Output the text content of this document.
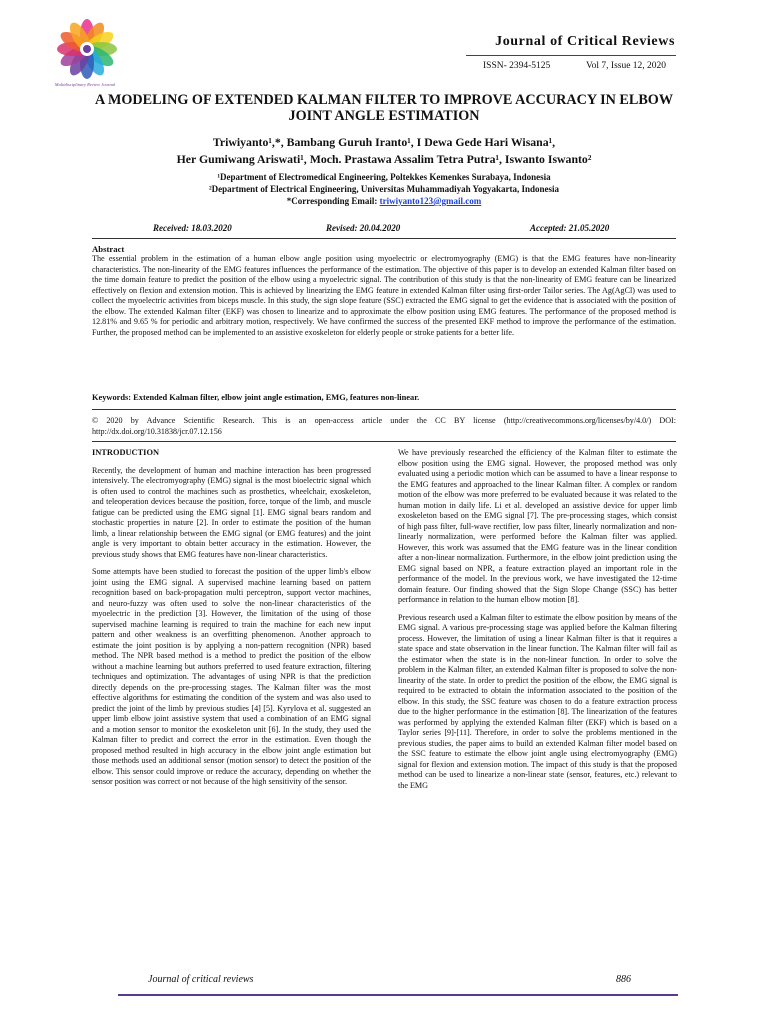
Multidisciplinary Review Journal
Journal of Critical Reviews
ISSN- 2394-5125	Vol 7, Issue 12, 2020
A MODELING OF EXTENDED KALMAN FILTER TO IMPROVE ACCURACY IN ELBOW JOINT ANGLE ESTIMATION
Triwiyanto¹,*, Bambang Guruh Iranto¹, I Dewa Gede Hari Wisana¹,
Her Gumiwang Ariswati¹, Moch. Prastawa Assalim Tetra Putra¹, Iswanto Iswanto²

¹Department of Electromedical Engineering, Poltekkes Kemenkes Surabaya, Indonesia

²Department of Electrical Engineering, Universitas Muhammadiyah Yogyakarta, Indonesia

*Corresponding Email: triwiyanto123@gmail.com

Received: 18.03.2020	Revised: 20.04.2020	Accepted: 21.05.2020

Abstract

The essential problem in the estimation of a human elbow angle position using myoelectric or electromyography (EMG) is that the EMG features have non-linearity characteristics. The non-linearity of the EMG features influences the performance of the estimation. The objective of this paper is to develop an extended Kalman filter based on the time domain feature to predict the position of the elbow using a myoelectric signal. The contribution of this study is that the non-linearity of EMG feature can be linearized effectively on flexion and extension motion. This is achieved by linearizing the EMG feature in extended Kalman filter using first-order Tailor series. The Ag(AgCl) was used to collect the myoelectric activities from biceps muscle. In this study, the sign slope feature (SSC) extracted the EMG signal to get the evidence that is associated with the position of the elbow. The extended Kalman filter (EKF) was chosen to linearize and to approximate the elbow position using EMG features. The performance of the proposed method is 12.81% and 9.65 % for periodic and arbitrary motion, respectively. We have confirmed the success of the presented EKF method to improve the performance of the estimation. Further, the proposed method can be implemented to an assistive exoskeleton for elderly people or stroke patients for a better life.

Keywords: Extended Kalman filter, elbow joint angle estimation, EMG, features non-linear.

© 2020 by Advance Scientific Research. This is an open-access article under the CC BY license (http://creativecommons.org/licenses/by/4.0/) DOI: http://dx.doi.org/10.31838/jcr.07.12.156

INTRODUCTION

Recently, the development of human and machine interaction has been progressed intensively. The electromyography (EMG) signal is the most bioelectric signal which is often used to control the machines such as prosthetics, wheelchair, exoskeleton, and teleoperation devices because the position, force, torque of the limb, and muscle fatigue can be predicted using the EMG signal [1]. EMG signal bears random and stochastic properties in nature [2]. In order to estimate the position of the human limb, a linear relationship between the EMG signal (or EMG features) and the joint angle is very important to obtain better accuracy in the estimation. However, the previous study shows that EMG features have non-linear characteristics.

Some attempts have been studied to forecast the position of the upper limb's elbow joint using the EMG signal. A supervised machine learning based on pattern recognition based on back-propagation multi perceptron, support vector machines, and neuro-fuzzy was often used to solve the non-linear characteristics of the myoelectric in the prediction [3]. However, the limitation of the using of those supervised machine learning is required to train the machine for each new input pattern and other weakness is an overfitting phenomenon. Another approach to estimate the joint position is by applying a non-pattern recognition (NPR) based method. The NPR based method is a method to predict the position of the elbow without a machine learning but authors preferred to used feature extraction, filtering techniques and optimization. The advantages of using NPR is that the prediction directly depends on the pre-processing stages. The Kalman filter was the most effective algorithms for estimating the condition of the system and was also used to predict the joint of the limb by previous studies [4] [5]. Kyrylova et al. suggested an upper limb elbow joint assistive system that used a combination of an EMG signal and a motion sensor to monitor the exoskeleton unit [6]. In the study, they used the Kalman filter to predict and correct the error in the estimation. Even though the proposed method resulted in high accuracy in the elbow joint angle estimation but those methods used an additional sensor (motion sensor) to detect the position of the elbow. This sensor could improve or reduce the accuracy, depending on whether the sensor position was correct or not because of the high sensitivity of the sensor.

We have previously researched the efficiency of the Kalman filter to estimate the elbow position using the EMG signal. However, the proposed method was only evaluated using a periodic motion which can be assumed to have a linear response to the EMG features and approached to the linear Kalman filter. A complex or random motion of the elbow was more preferred to be evaluated because it was related to the human motion in daily life. Li et al. developed an assistive device for upper limb exoskeleton based on the EMG signal [7]. The pre-processing stages, which consist of high pass filter, full-wave rectifier, low pass filter, linearly normalization and non-linearly normalization, were performed before the Kalman filter was applied. However, this work was assumed that the EMG feature was in the linear condition after a non-linear normalization. Furthermore, in the elbow joint prediction using the EMG signal based on NPR, a feature extraction played an important role in the performance of the model. In the previous work, we have investigated the 12-time domain feature. Our finding showed that the Sign Slope Change (SSC) has better performance in relation to the human elbow motion [8].

Previous research used a Kalman filter to estimate the elbow position by means of the EMG signal. A various pre-processing stage was applied before the Kalman filtering process. However, the limitation of using a linear Kalman filter is that it requires a state space and state observation in the linear function. The Kalman filter will fail as the estimator when the state is in the non-linear function. In order to solve the problem in the Kalman filter, an extended Kalman filter is proposed to solve the non-linearity of the state. In order to predict the position of the elbow, the EMG signal is required to be extracted to obtain the information associated to the position of the elbow. In this study, the SSC feature was chosen to do a feature extraction process due to the higher performance in the estimation [8]. The linearization of the features was performed by applying the extended Kalman filter (EKF) which is based on a Taylor series [9]-[11]. Therefore, in order to solve the problems mentioned in the previous studies, the paper aims to build an extended Kalman filter model based on the SSC feature to estimate the elbow joint angle using electromyography (EMG) signal for flexion and extension motion. The impact of this study is that the proposed method can be used to linearize a non-linear state (sensor, features, etc.) relevant to the EMG

Journal of critical reviews	886
